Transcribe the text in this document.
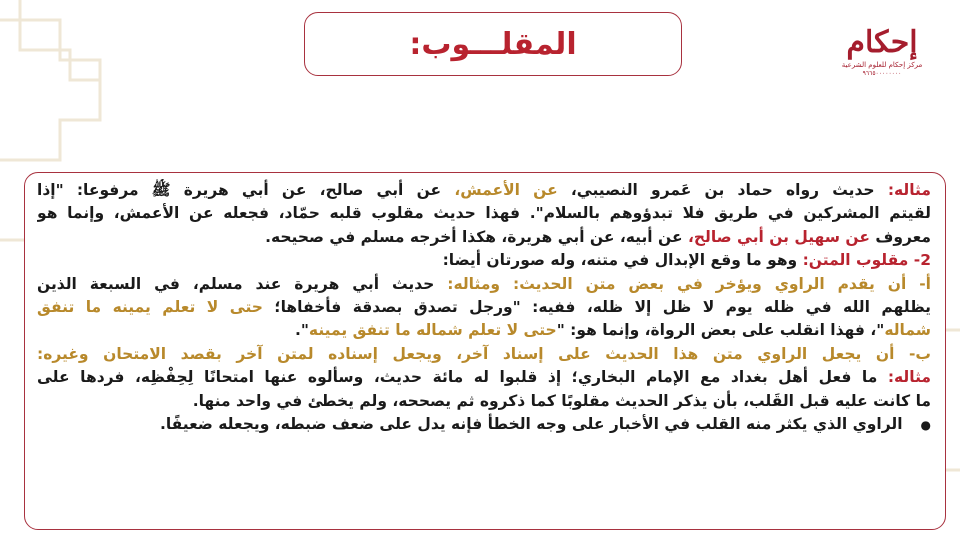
المقلـــوب:	إحكام
مركز إحكام للعلوم الشرعية
٩٦٦٥٠٠٠٠٠٠٠٠
مثاله: حديث رواه حماد بن عَمرو النصيبي، عن الأعمش، عن أبي صالح، عن أبي هريرة ﷺ مرفوعا: "إذا
لقيتم المشركين في طريق فلا تبدؤوهم بالسلام". فهذا حديث مقلوب قلبه حمّاد، فجعله عن الأعمش، وإنما هو
معروف عن سهيل بن أبي صالح، عن أبيه، عن أبي هريرة، هكذا أخرجه مسلم في صحيحه.
2- مقلوب المتن: وهو ما وقع الإبدال في متنه، وله صورتان أيضا:
أ- أن يقدم الراوي ويؤخر في بعض متن الحديث: ومثاله: حديث أبي هريرة عند مسلم، في السبعة الذين
يظلهم الله في ظله يوم لا ظل إلا ظله، ففيه: "ورجل تصدق بصدقة فأخفاها؛ حتى لا تعلم يمينه ما تنفق
شماله"، فهذا انقلب على بعض الرواة، وإنما هو: "حتى لا تعلم شماله ما تنفق يمينه".
ب- أن يجعل الراوي متن هذا الحديث على إسناد آخر، ويجعل إسناده لمتن آخر بقصد الامتحان وغيره:
مثاله: ما فعل أهل بغداد مع الإمام البخاري؛ إذ قلبوا له مائة حديث، وسألوه عنها امتحانًا لِحِفْظِه، فردها على
ما كانت عليه قبل القَلب، بأن يذكر الحديث مقلوبًا كما ذكروه ثم يصححه، ولم يخطئ في واحد منها.
●الراوي الذي يكثر منه القلب في الأخبار على وجه الخطأ فإنه يدل على ضعف ضبطه، ويجعله ضعيفًا.
